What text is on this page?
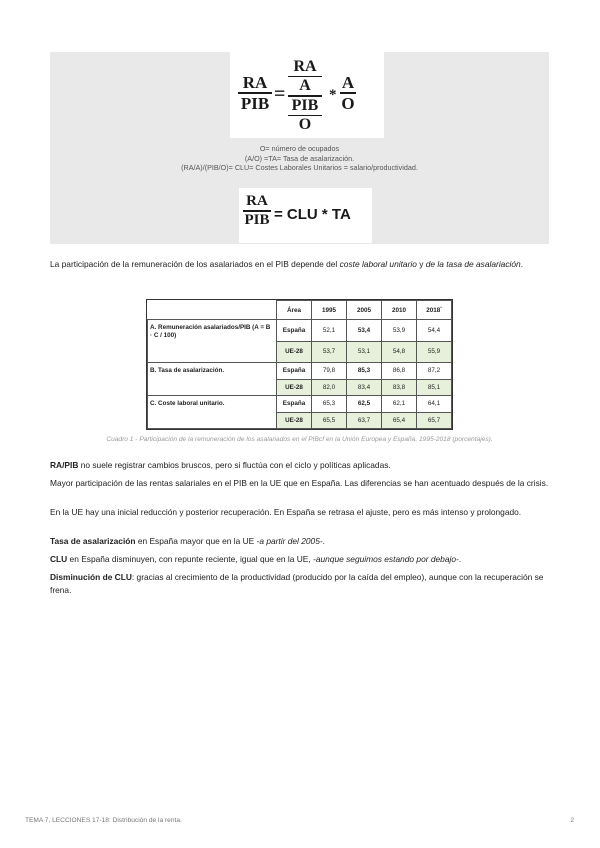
RA
PIB =
RA
A
PIB
O
*
A
O
O= número de ocupados
(A/O) =TA= Tasa de asalarización.
(RA/A)/(PIB/O)= CLU= Costes Laborales Unitarios = salario/productividad.
RA
PIB = CLU * TA
La participación de la remuneración de los asalariados en el PIB depende del coste laboral unitario y de la tasa de asalariación.
	Área	1995	2005	2010	2018*
A. Remuneración asalariados/PIB (A = B · C / 100)	España	52,1	53,4	53,9	54,4
	UE-28	53,7	53,1	54,8	55,9
B. Tasa de asalarización.	España	79,8	85,3	86,8	87,2
	UE-28	82,0	83,4	83,8	85,1
C. Coste laboral unitario.	España	65,3	62,5	62,1	64,1
	UE-28	65,5	63,7	65,4	65,7
Cuadro 1 - Participación de la remuneración de los asalariados en el PIBcf en la Unión Europea y España, 1995-2018 (porcentajes).
RA/PIB no suele registrar cambios bruscos, pero si fluctúa con el ciclo y políticas aplicadas.
Mayor participación de las rentas salariales en el PIB en la UE que en España. Las diferencias se han acentuado después de la crisis.
En la UE hay una inicial reducción y posterior recuperación. En España se retrasa el ajuste, pero es más intenso y prolongado.
Tasa de asalarización en España mayor que en la UE -a partir del 2005-.
CLU en España disminuyen, con repunte reciente, igual que en la UE, -aunque seguimos estando por debajo-.
Disminución de CLU: gracias al crecimiento de la productividad (producido por la caída del empleo), aunque con la recuperación se frena.
TEMA 7, LECCIONES 17-18: Distribución de la renta.	2
